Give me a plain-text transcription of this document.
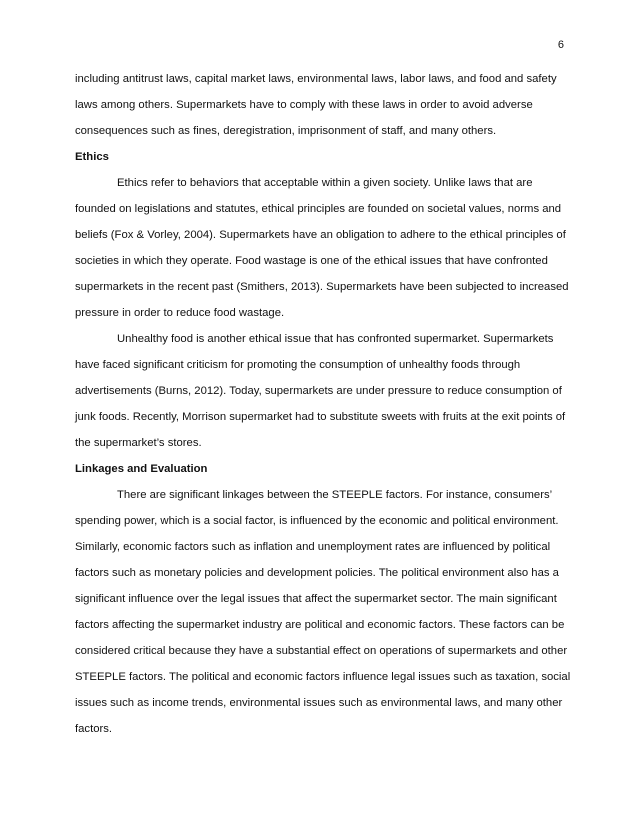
6

including antitrust laws, capital market laws, environmental laws, labor laws, and food and safety laws among others. Supermarkets have to comply with these laws in order to avoid adverse consequences such as fines, deregistration, imprisonment of staff, and many others.

Ethics

Ethics refer to behaviors that acceptable within a given society. Unlike laws that are founded on legislations and statutes, ethical principles are founded on societal values, norms and beliefs (Fox & Vorley, 2004). Supermarkets have an obligation to adhere to the ethical principles of societies in which they operate. Food wastage is one of the ethical issues that have confronted supermarkets in the recent past (Smithers, 2013). Supermarkets have been subjected to increased pressure in order to reduce food wastage.

Unhealthy food is another ethical issue that has confronted supermarket. Supermarkets have faced significant criticism for promoting the consumption of unhealthy foods through advertisements (Burns, 2012). Today, supermarkets are under pressure to reduce consumption of junk foods. Recently, Morrison supermarket had to substitute sweets with fruits at the exit points of the supermarket’s stores.

Linkages and Evaluation

There are significant linkages between the STEEPLE factors. For instance, consumers’ spending power, which is a social factor, is influenced by the economic and political environment. Similarly, economic factors such as inflation and unemployment rates are influenced by political factors such as monetary policies and development policies. The political environment also has a significant influence over the legal issues that affect the supermarket sector. The main significant factors affecting the supermarket industry are political and economic factors. These factors can be considered critical because they have a substantial effect on operations of supermarkets and other STEEPLE factors. The political and economic factors influence legal issues such as taxation, social issues such as income trends, environmental issues such as environmental laws, and many other factors.
